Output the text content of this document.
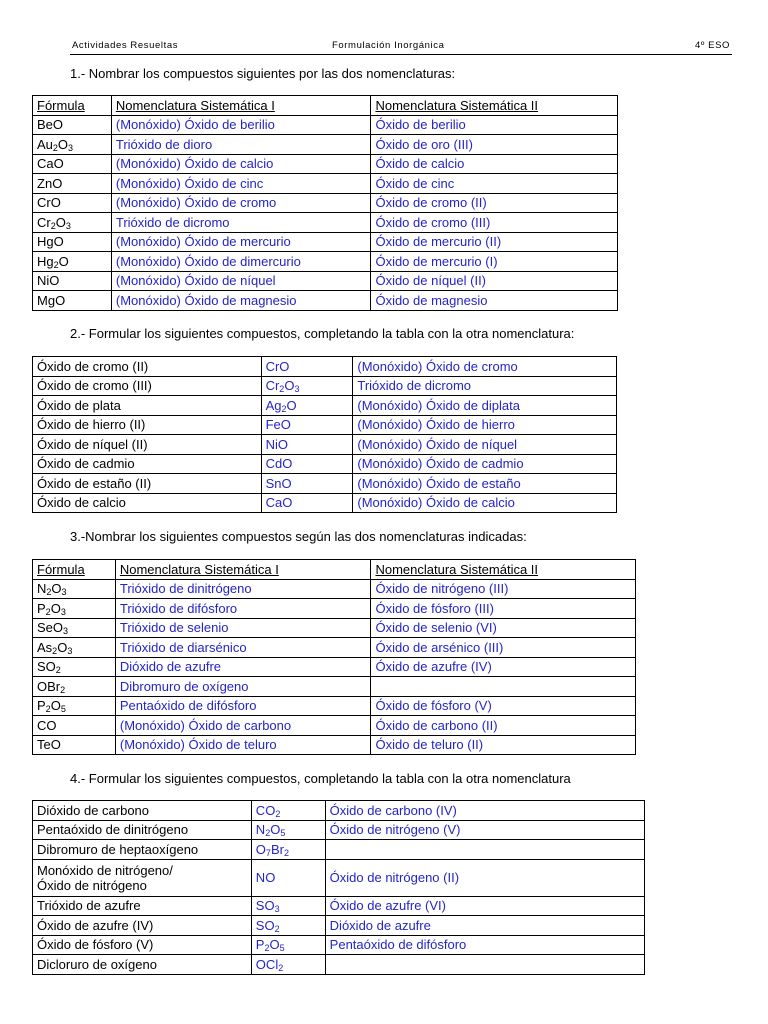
Actividades Resueltas	Formulación Inorgánica	4º ESO
1.- Nombrar los compuestos siguientes por las dos nomenclaturas:
Fórmula	Nomenclatura Sistemática I	Nomenclatura Sistemática II
BeO	(Monóxido) Óxido de berilio	Óxido de berilio
$Au_2O_3$	Trióxido de dioro	Óxido de oro (III)
CaO	(Monóxido) Óxido de calcio	Óxido de calcio
ZnO	(Monóxido) Óxido de cinc	Óxido de cinc
CrO	(Monóxido) Óxido de cromo	Óxido de cromo (II)
$Cr_2O_3$	Trióxido de dicromo	Óxido de cromo (III)
HgO	(Monóxido) Óxido de mercurio	Óxido de mercurio (II)
$Hg_2O$	(Monóxido) Óxido de dimercurio	Óxido de mercurio (I)
NiO	(Monóxido) Óxido de níquel	Óxido de níquel (II)
MgO	(Monóxido) Óxido de magnesio	Óxido de magnesio
2.- Formular los siguientes compuestos, completando la tabla con la otra nomenclatura:
Óxido de cromo (II)	CrO	(Monóxido) Óxido de cromo
Óxido de cromo (III)	$Cr_2O_3$	Trióxido de dicromo
Óxido de plata	$Ag_2O$	(Monóxido) Óxido de diplata
Óxido de hierro (II)	FeO	(Monóxido) Óxido de hierro
Óxido de níquel (II)	NiO	(Monóxido) Óxido de níquel
Óxido de cadmio	CdO	(Monóxido) Óxido de cadmio
Óxido de estaño (II)	SnO	(Monóxido) Óxido de estaño
Óxido de calcio	CaO	(Monóxido) Óxido de calcio
3.-Nombrar los siguientes compuestos según las dos nomenclaturas indicadas:
Fórmula	Nomenclatura Sistemática I	Nomenclatura Sistemática II
$N_2O_3$	Trióxido de dinitrógeno	Óxido de nitrógeno (III)
$P_2O_3$	Trióxido de difósforo	Óxido de fósforo (III)
SeO$_3$	Trióxido de selenio	Óxido de selenio (VI)
$As_2O_3$	Trióxido de diarsénico	Óxido de arsénico (III)
$SO_2$	Dióxido de azufre	Óxido de azufre (IV)
OBr$_2$	Dibromuro de oxígeno	
$P_2O_5$	Pentaóxido de difósforo	Óxido de fósforo (V)
CO	(Monóxido) Óxido de carbono	Óxido de carbono (II)
TeO	(Monóxido) Óxido de teluro	Óxido de teluro (II)
4.- Formular los siguientes compuestos, completando la tabla con la otra nomenclatura
Dióxido de carbono	$CO_2$	Óxido de carbono (IV)
Pentaóxido de dinitrógeno	$N_2O_5$	Óxido de nitrógeno (V)
Dibromuro de heptaoxígeno	$O_7Br_2$	
Monóxido de nitrógeno/
Óxido de nitrógeno	NO	Óxido de nitrógeno (II)
Trióxido de azufre	$SO_3$	Óxido de azufre (VI)
Óxido de azufre (IV)	$SO_2$	Dióxido de azufre
Óxido de fósforo (V)	$P_2O_5$	Pentaóxido de difósforo
Dicloruro de oxígeno	OCl$_2$	
